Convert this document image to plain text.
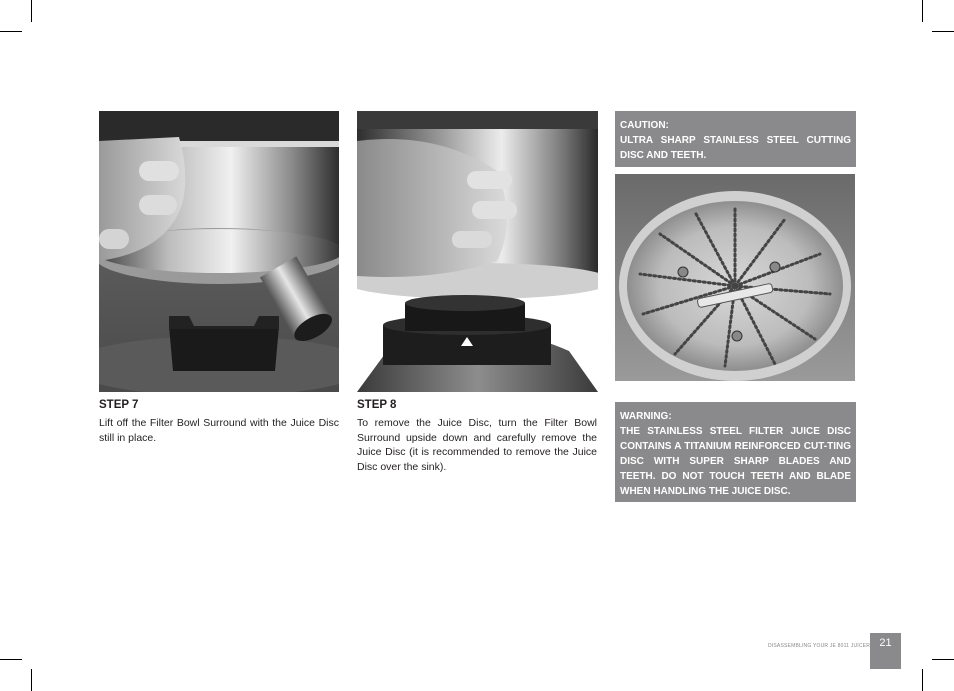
STEP 7
Lift off the Filter Bowl Surround with the Juice Disc still in place.
STEP 8
To remove the Juice Disc, turn the Filter Bowl Surround upside down and carefully remove the Juice Disc (it is recommended to remove the Juice Disc over the sink).
CAUTION:
ULTRA SHARP STAINLESS STEEL CUTTING DISC AND TEETH.
WARNING:
THE STAINLESS STEEL FILTER JUICE DISC CONTAINS A TITANIUM REINFORCED CUT-TING DISC WITH SUPER SHARP BLADES AND TEETH. DO NOT TOUCH TEETH AND BLADE WHEN HANDLING THE JUICE DISC.
DISASSEMBLING YOUR JE 8011 JUICER 21
